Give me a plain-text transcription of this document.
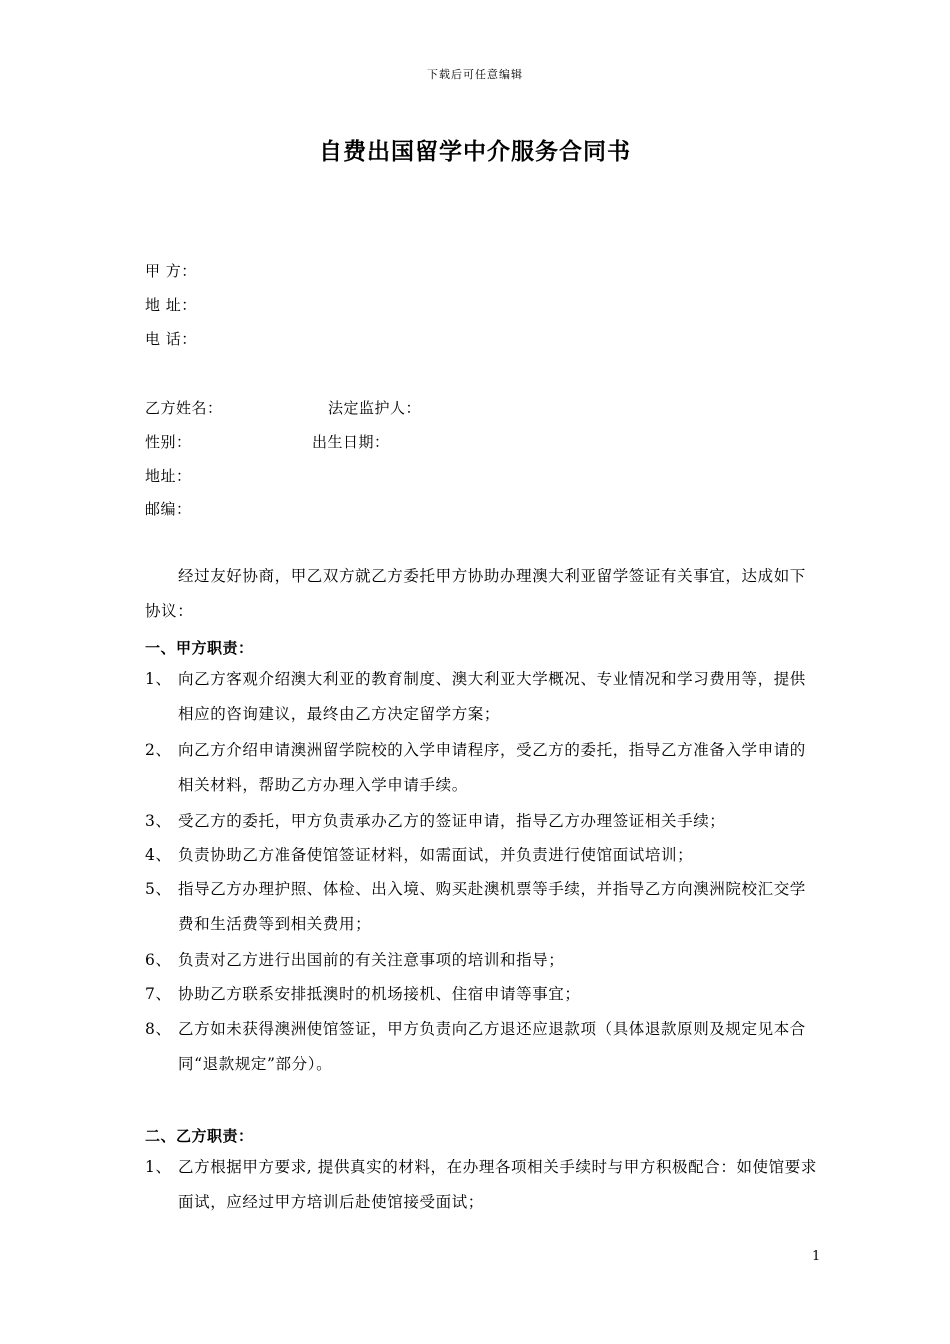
下载后可任意编辑
自费出国留学中介服务合同书
甲 方：
地 址：
电 话：
乙方姓名：	法定监护人：
性别：	出生日期：
地址：
邮编：
经过友好协商，甲乙双方就乙方委托甲方协助办理澳大利亚留学签证有关事宜，达成如下协议：
一、甲方职责：
1、 向乙方客观介绍澳大利亚的教育制度、澳大利亚大学概况、专业情况和学习费用等，提供相应的咨询建议，最终由乙方决定留学方案；
2、 向乙方介绍申请澳洲留学院校的入学申请程序，受乙方的委托，指导乙方准备入学申请的相关材料，帮助乙方办理入学申请手续。
3、 受乙方的委托，甲方负责承办乙方的签证申请，指导乙方办理签证相关手续；
4、 负责协助乙方准备使馆签证材料，如需面试，并负责进行使馆面试培训；
5、 指导乙方办理护照、体检、出入境、购买赴澳机票等手续，并指导乙方向澳洲院校汇交学费和生活费等到相关费用；
6、 负责对乙方进行出国前的有关注意事项的培训和指导；
7、 协助乙方联系安排抵澳时的机场接机、住宿申请等事宜；
8、 乙方如未获得澳洲使馆签证，甲方负责向乙方退还应退款项（具体退款原则及规定见本合同“退款规定”部分）。
二、乙方职责：
1、 乙方根据甲方要求, 提供真实的材料，在办理各项相关手续时与甲方积极配合：如使馆要求面试，应经过甲方培训后赴使馆接受面试；
1
